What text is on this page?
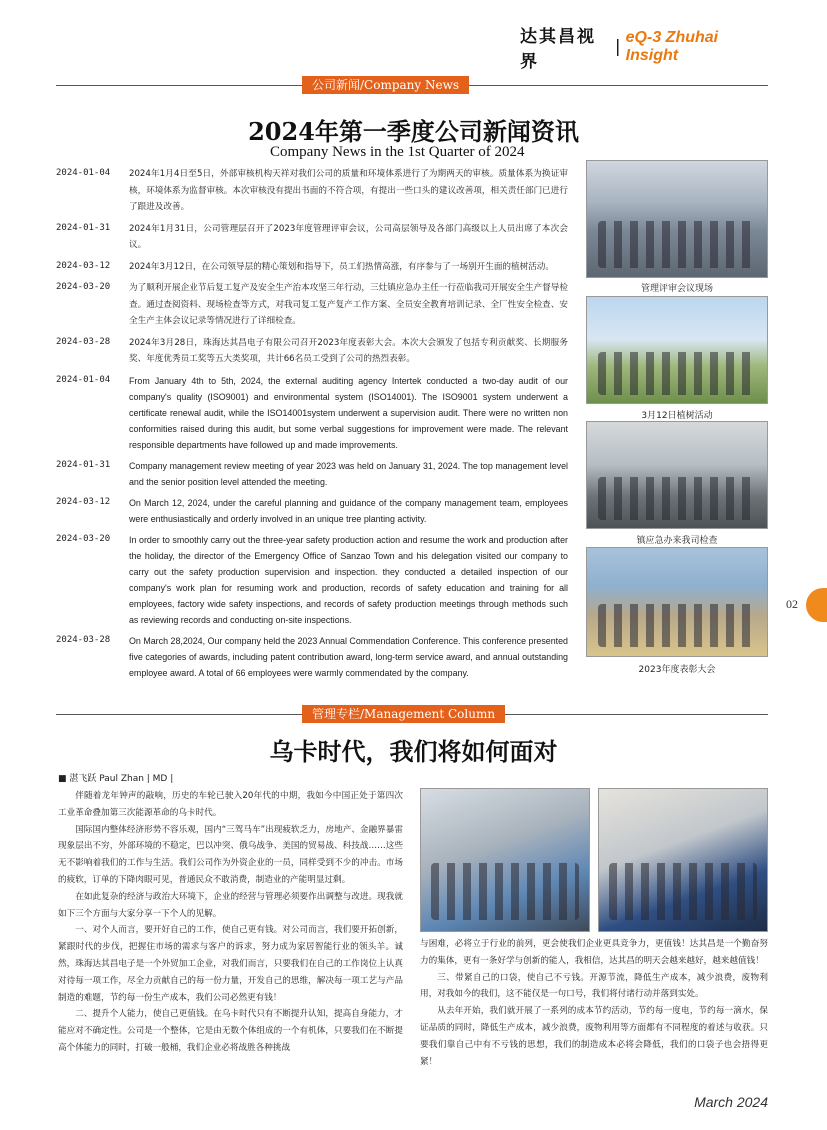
达其昌视界
| eQ-3 Zhuhai Insight
公司新闻/Company News
2024年第一季度公司新闻资讯
Company News in the 1st Quarter of 2024
2024-01-04	2024年1月4日至5日，外部审核机构天祥对我们公司的质量和环境体系进行了为期两天的审核。质量体系为换证审核，环境体系为监督审核。本次审核没有提出书面的不符合项，有提出一些口头的建议改善项，相关责任部门已进行了跟进及改善。
2024-01-31	2024年1月31日，公司管理层召开了2023年度管理评审会议，公司高层领导及各部门高级以上人员出席了本次会议。
2024-03-12	2024年3月12日，在公司领导层的精心策划和指导下，员工们热情高涨，有序参与了一场别开生面的植树活动。
2024-03-20	为了顺利开展企业节后复工复产及安全生产治本攻坚三年行动，三灶镇应急办主任一行莅临我司开展安全生产督导检查。通过查阅资料、现场检查等方式，对我司复工复产复产工作方案、全员安全教育培训记录、全厂性安全检查、安全生产主体会议记录等情况进行了详细检查。
2024-03-28	2024年3月28日，珠海达其昌电子有限公司召开2023年度表彰大会。本次大会颁发了包括专利贡献奖、长期服务奖、年度优秀员工奖等五大类奖项，共计66名员工受到了公司的热烈表彰。
2024-01-04	From January 4th to 5th, 2024, the external auditing agency Intertek conducted a two-day audit of our company's quality (ISO9001) and environmental system (ISO14001). The ISO9001 system underwent a certificate renewal audit, while the ISO14001system underwent a supervision audit. There were no written non conformities raised during this audit, but some verbal suggestions for improvement were made. The relevant responsible departments have followed up and made improvements.
2024-01-31	Company management review meeting of year 2023 was held on January 31, 2024. The top management level and the senior position level attended the meeting.
2024-03-12	On March 12, 2024, under the careful planning and guidance of the company management team, employees were enthusiastically and orderly involved in an unique tree planting activity.
2024-03-20	In order to smoothly carry out the three-year safety production action and resume the work and production after the holiday, the director of the Emergency Office of Sanzao Town and his delegation visited our company to carry out the safety production supervision and inspection. they conducted a detailed inspection of our company's work plan for resuming work and production, records of safety education and training for all employees, factory wide safety inspections, and records of safety production meetings through methods such as reviewing records and conducting on-site inspections.
2024-03-28	On March 28,2024, Our company held the 2023 Annual Commendation Conference. This conference presented five categories of awards, including patent contribution award, long-term service award, and annual outstanding employee award. A total of 66 employees were warmly commendated by the company.
管理评审会议现场
3月12日植树活动
镇应急办来我司检查
2023年度表彰大会
02
管理专栏/Management Column
乌卡时代，我们将如何面对
■ 湛飞跃 Paul Zhan | MD |

伴随着龙年钟声的敲响，历史的车轮已驶入20年代的中期，我如今中国正处于第四次工业革命叠加第三次能源革命的乌卡时代。

国际国内整体经济形势不容乐观，国内“三驾马车”出现疲软乏力，房地产、金融界暴雷现象层出不穷，外部环境的不稳定，巴以冲突、俄乌战争、美国的贸易战、科技战……这些无不影响着我们的工作与生活。我们公司作为外资企业的一员，同样受到不少的冲击。市场的疲软，订单的下降肉眼可见，普通民众不敢消费，制造业的产能明显过剩。

在如此复杂的经济与政治大环境下，企业的经营与管理必须要作出调整与改进。现我就如下三个方面与大家分享一下个人的见解。

一、对个人而言，要开好自己的工作，使自己更有钱。对公司而言，我们要开拓创新，紧跟时代的步伐，把握住市场的需求与客户的诉求，努力成为家居智能行业的领头羊。诚然，珠海达其昌电子是一个外贸加工企业，对我们而言，只要我们在自己的工作岗位上认真对待每一项工作，尽全力贡献自己的每一份力量，开发自己的思维，解决每一项工艺与产品制造的难题，节约每一份生产成本，我们公司必然更有钱！

二、提升个人能力，使自己更值钱。在乌卡时代只有不断提升认知，提高自身能力，才能应对不确定性。公司是一个整体，它是由无数个体组成的一个有机体，只要我们在不断提高个体能力的同时，打破一般桶，我们企业必将战胜各种挑战

与困难，必将立于行业的前列，更会使我们企业更具竞争力，更值钱！达其昌是一个勤奋努力的集体，更有一条好学与创新的能人，我相信，达其昌的明天会越来越好，越来越值钱！

三、带紧自己的口袋，使自己不亏钱。开源节流，降低生产成本，减少浪费，废物利用，对我如今的我们，这不能仅是一句口号，我们将付诸行动并落到实处。

从去年开始，我们就开展了一系列的成本节约活动，节约每一度电，节约每一滴水，保证品质的同时，降低生产成本，减少浪费，废物利用等方面都有不同程度的着述与收获。只要我们靠自己中有不亏钱的思想，我们的制造成本必将会降低，我们的口袋子也会捂得更紧！

March 2024
